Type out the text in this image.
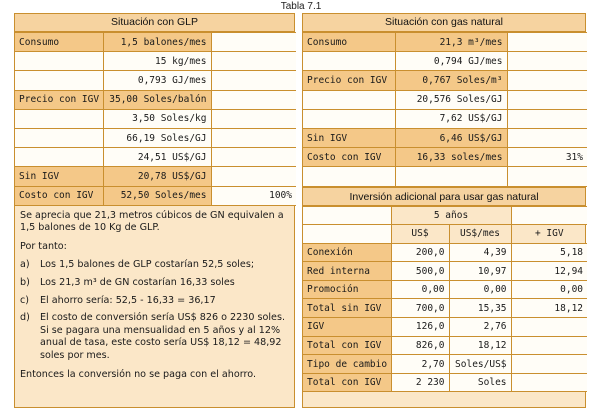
Tabla 7.1
Situación con GLP
Consumo	1,5 balones/mes	
	15 kg/mes	
	0,793 GJ/mes	
Precio con IGV	35,00 Soles/balón	
	3,50 Soles/kg	
	66,19 Soles/GJ	
	24,51 US$/GJ	
Sin IGV	20,78 US$/GJ	
Costo con IGV	52,50 Soles/mes	100%

Se aprecia que 21,3 metros cúbicos de GN equivalen a 1,5 balones de 10 Kg de GLP.

Por tanto:

a)	Los 1,5 balones de GLP costarían 52,5 soles;
b)	Los 21,3 m³ de GN costarían 16,33 soles
c)	El ahorro sería: 52,5 - 16,33 = 36,17
d)	El costo de conversión sería US$ 826 o 2230 soles. Si se pagara una mensualidad en 5 años y al 12% anual de tasa, este costo sería US$ 18,12 = 48,92 soles por mes.

Entonces la conversión no se paga con el ahorro.

Situación con gas natural
Consumo	21,3 m³/mes	
	0,794 GJ/mes	
Precio con IGV	0,767 Soles/m³	
	20,576 Soles/GJ	
	7,62 US$/GJ	
Sin IGV	6,46 US$/GJ	
Costo con IGV	16,33 soles/mes	31%

Inversión adicional para usar gas natural
	5 años		
	US$	US$/mes	+ IGV
Conexión	200,0	4,39	5,18
Red interna	500,0	10,97	12,94
Promoción	0,00	0,00	0,00
Total sin IGV	700,0	15,35	18,12
IGV	126,0	2,76	
Total con IGV	826,0	18,12	
Tipo de cambio	2,70	Soles/US$	
Total con IGV	2 230	Soles	
